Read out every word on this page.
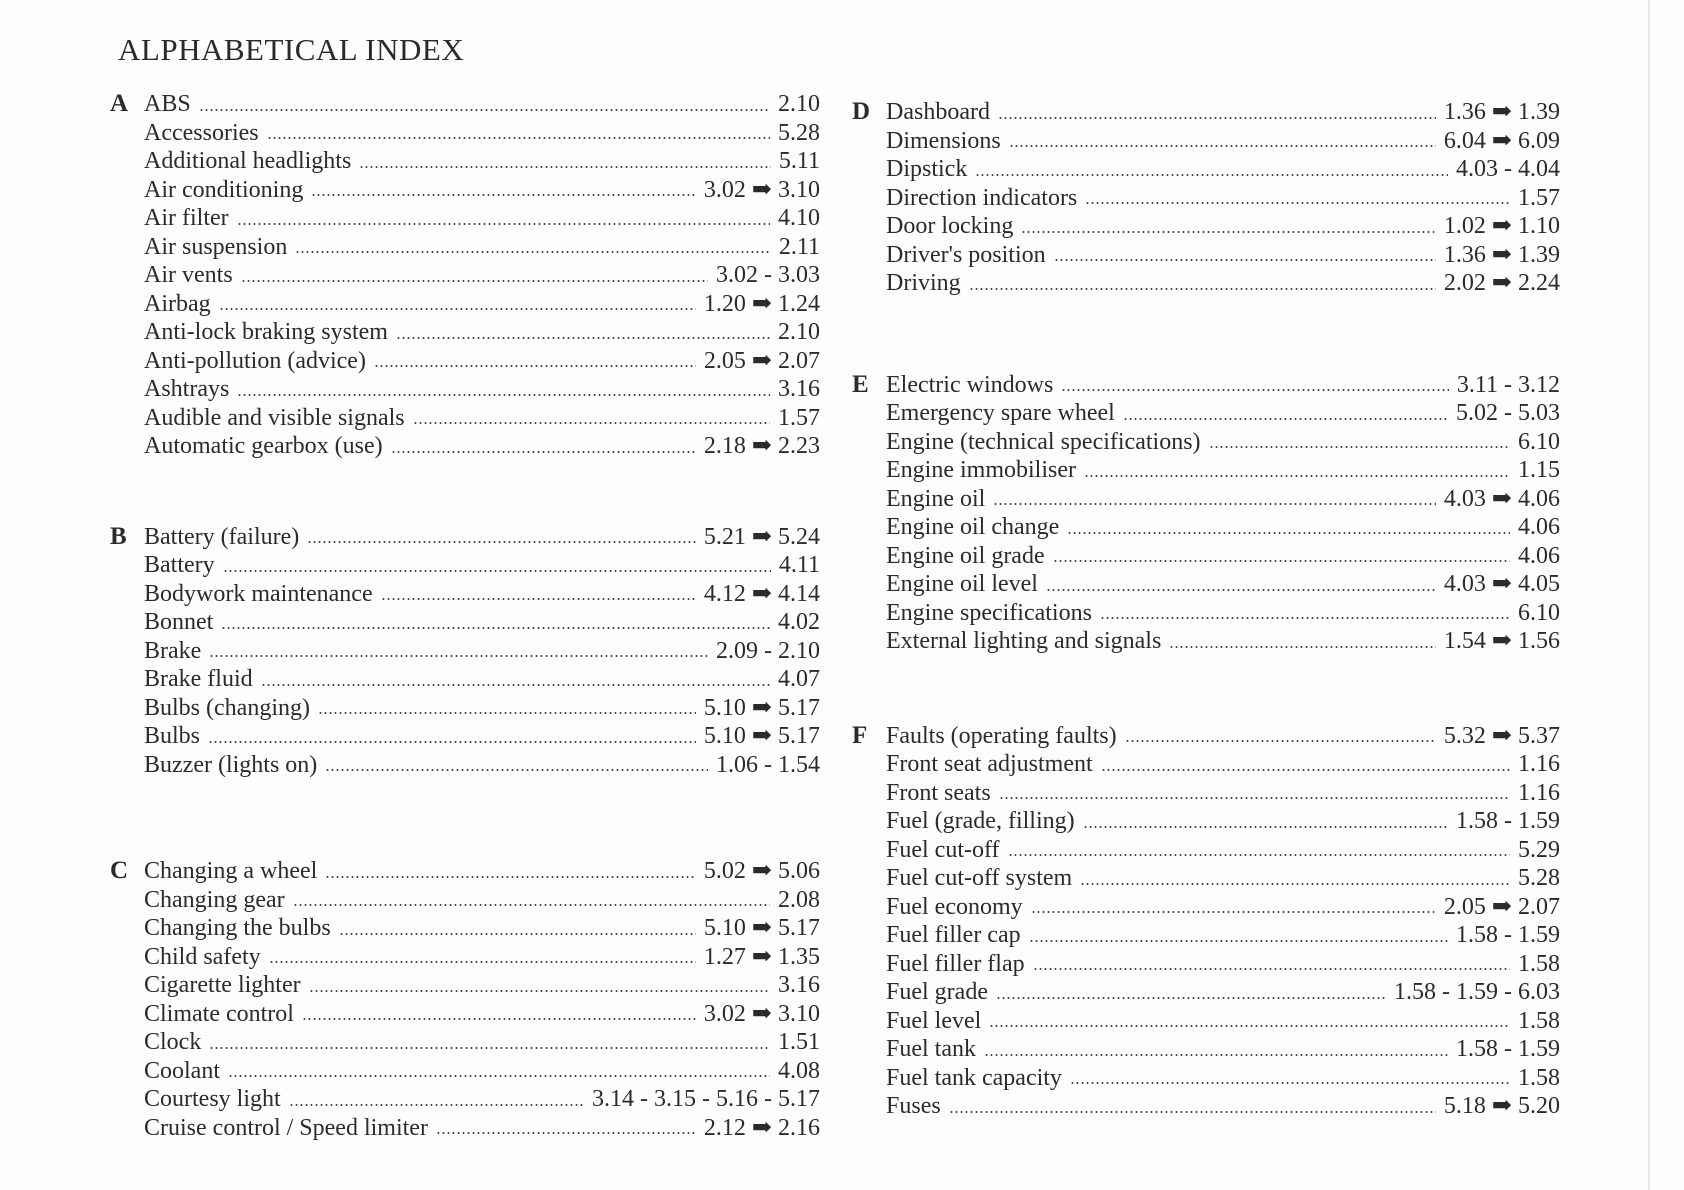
ALPHABETICAL INDEX
A ABS	2.10
Accessories	5.28
Additional headlights	5.11
Air conditioning	3.02 ➡ 3.10
Air filter	4.10
Air suspension	2.11
Air vents	3.02 - 3.03
Airbag	1.20 ➡ 1.24
Anti-lock braking system	2.10
Anti-pollution (advice)	2.05 ➡ 2.07
Ashtrays	3.16
Audible and visible signals	1.57
Automatic gearbox (use)	2.18 ➡ 2.23
B Battery (failure)	5.21 ➡ 5.24
Battery	4.11
Bodywork maintenance	4.12 ➡ 4.14
Bonnet	4.02
Brake	2.09 - 2.10
Brake fluid	4.07
Bulbs (changing)	5.10 ➡ 5.17
Bulbs	5.10 ➡ 5.17
Buzzer (lights on)	1.06 - 1.54
C Changing a wheel	5.02 ➡ 5.06
Changing gear	2.08
Changing the bulbs	5.10 ➡ 5.17
Child safety	1.27 ➡ 1.35
Cigarette lighter	3.16
Climate control	3.02 ➡ 3.10
Clock	1.51
Coolant	4.08
Courtesy light	3.14 - 3.15 - 5.16 - 5.17
Cruise control / Speed limiter	2.12 ➡ 2.16
D Dashboard	1.36 ➡ 1.39
Dimensions	6.04 ➡ 6.09
Dipstick	4.03 - 4.04
Direction indicators	1.57
Door locking	1.02 ➡ 1.10
Driver's position	1.36 ➡ 1.39
Driving	2.02 ➡ 2.24
E Electric windows	3.11 - 3.12
Emergency spare wheel	5.02 - 5.03
Engine (technical specifications)	6.10
Engine immobiliser	1.15
Engine oil	4.03 ➡ 4.06
Engine oil change	4.06
Engine oil grade	4.06
Engine oil level	4.03 ➡ 4.05
Engine specifications	6.10
External lighting and signals	1.54 ➡ 1.56
F Faults (operating faults)	5.32 ➡ 5.37
Front seat adjustment	1.16
Front seats	1.16
Fuel (grade, filling)	1.58 - 1.59
Fuel cut-off	5.29
Fuel cut-off system	5.28
Fuel economy	2.05 ➡ 2.07
Fuel filler cap	1.58 - 1.59
Fuel filler flap	1.58
Fuel grade	1.58 - 1.59 - 6.03
Fuel level	1.58
Fuel tank	1.58 - 1.59
Fuel tank capacity	1.58
Fuses	5.18 ➡ 5.20
